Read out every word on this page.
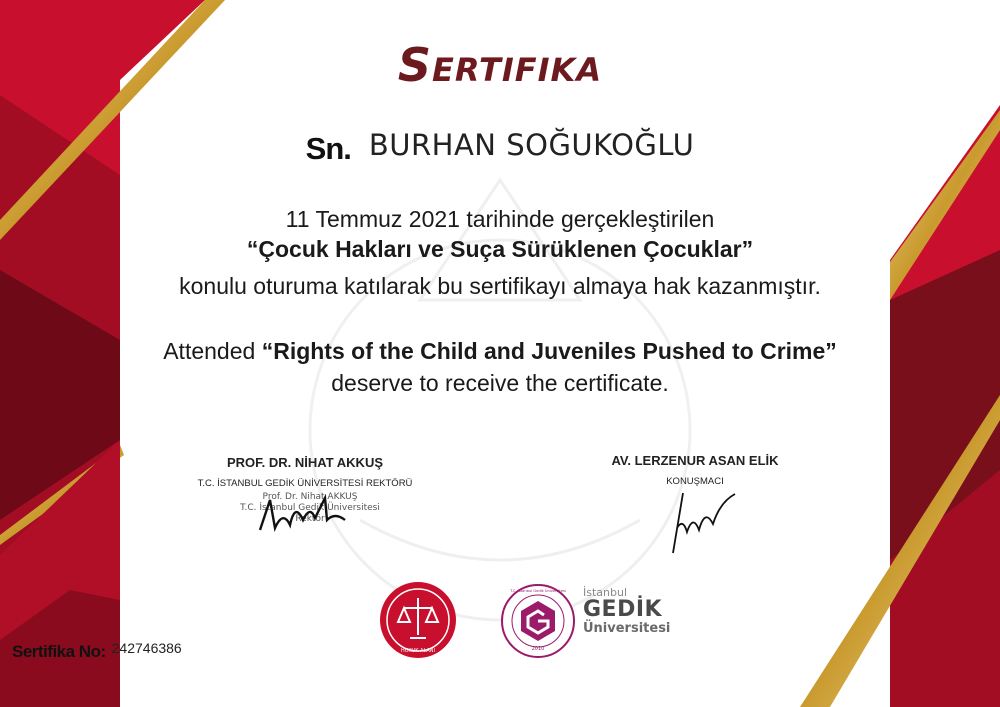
Sertifika
Sn. BURHAN SOĞUKOĞLU
11 Temmuz 2021 tarihinde gerçekleştirilen
“Çocuk Hakları ve Suça Sürüklenen Çocuklar”
konulu oturuma katılarak bu sertifikayı almaya hak kazanmıştır.
Attended “Rights of the Child and Juveniles Pushed to Crime”
deserve to receive the certificate.
PROF. DR. NİHAT AKKUŞ
T.C. İSTANBUL GEDİK ÜNİVERSİTESİ REKTÖRÜ
Prof. Dr. Nihat AKKUŞ
T.C. İstanbul Gedik Üniversitesi
Rektör
AV. LERZENUR ASAN ELİK
KONUŞMACI
Sertifika No: 242746386	HUKUK ALANI	2010
T.C. İstanbul Gedik Üniversitesi İstanbul
GEDİK
Üniversitesi
